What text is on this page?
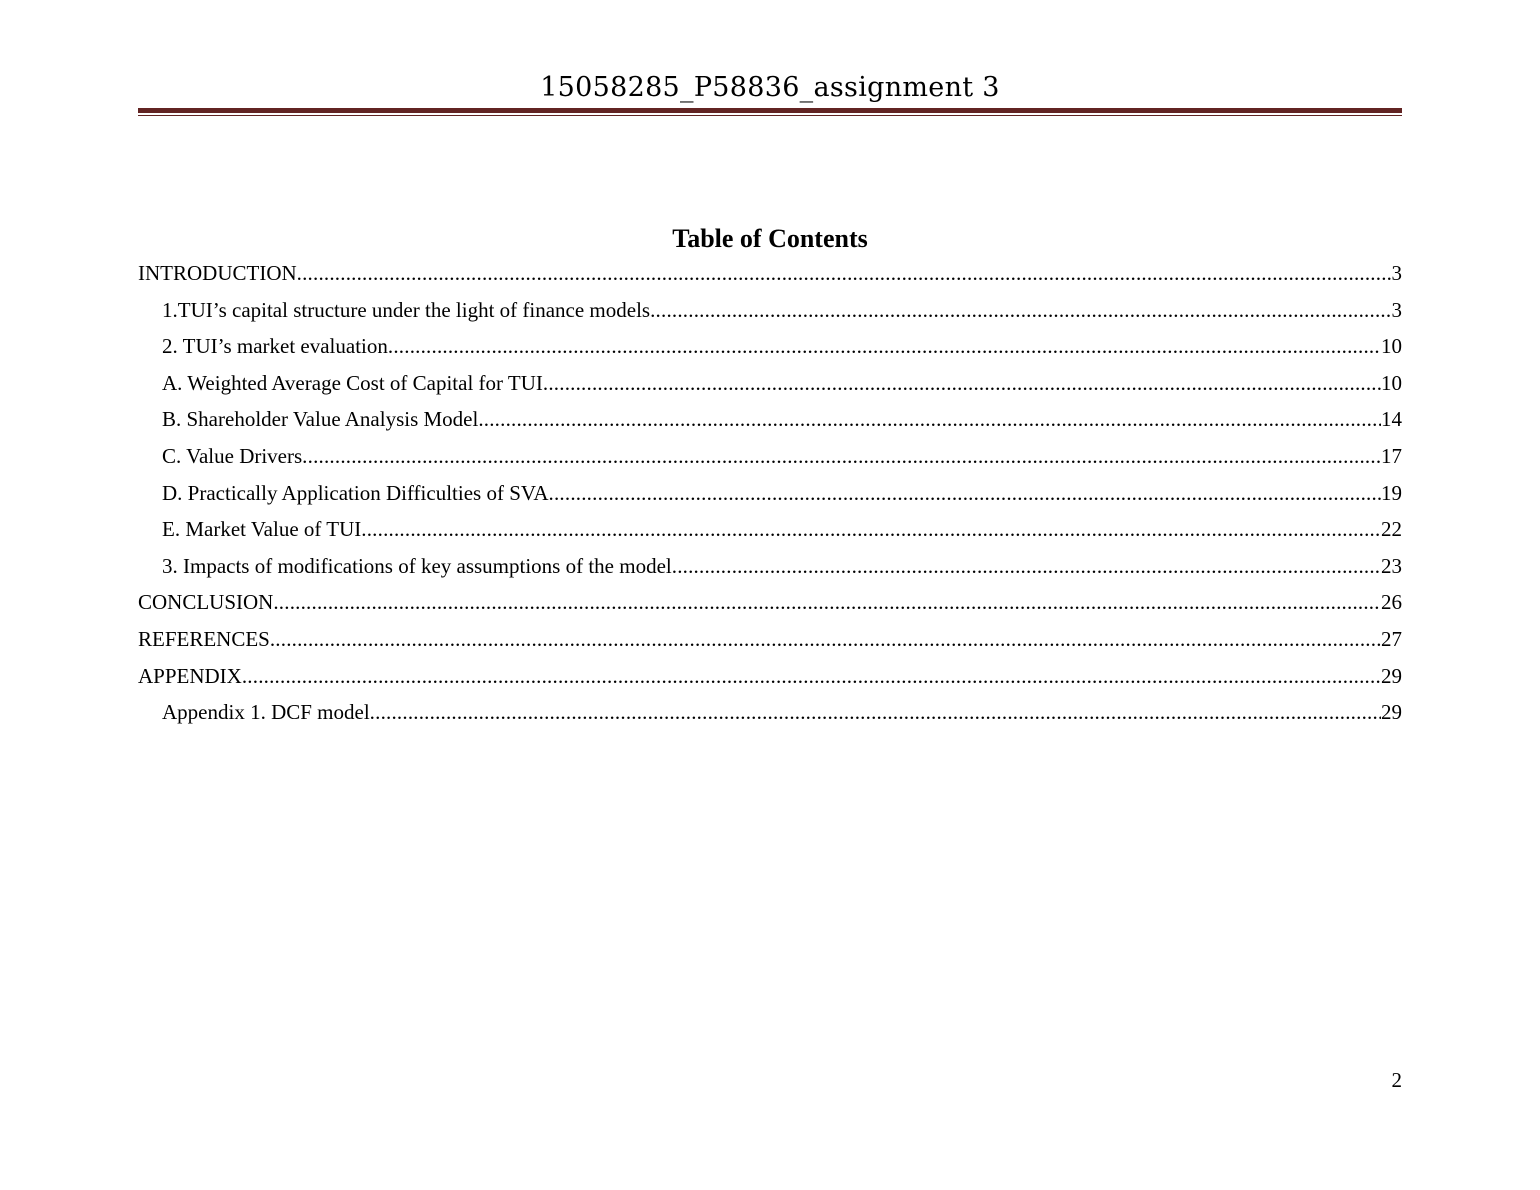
15058285_P58836_assignment 3
Table of Contents
INTRODUCTION .....	3
1.TUI’s capital structure under the light of finance models .....	3
2. TUI’s market evaluation .....	10
A. Weighted Average Cost of Capital for TUI .....	10
B. Shareholder Value Analysis Model .....	14
C. Value Drivers .....	17
D. Practically Application Difficulties of SVA .....	19
E. Market Value of TUI .....	22
3. Impacts of modifications of key assumptions of the model .....	23
CONCLUSION .....	26
REFERENCES .....	27
APPENDIX .....	29
Appendix 1. DCF model .....	29
2
